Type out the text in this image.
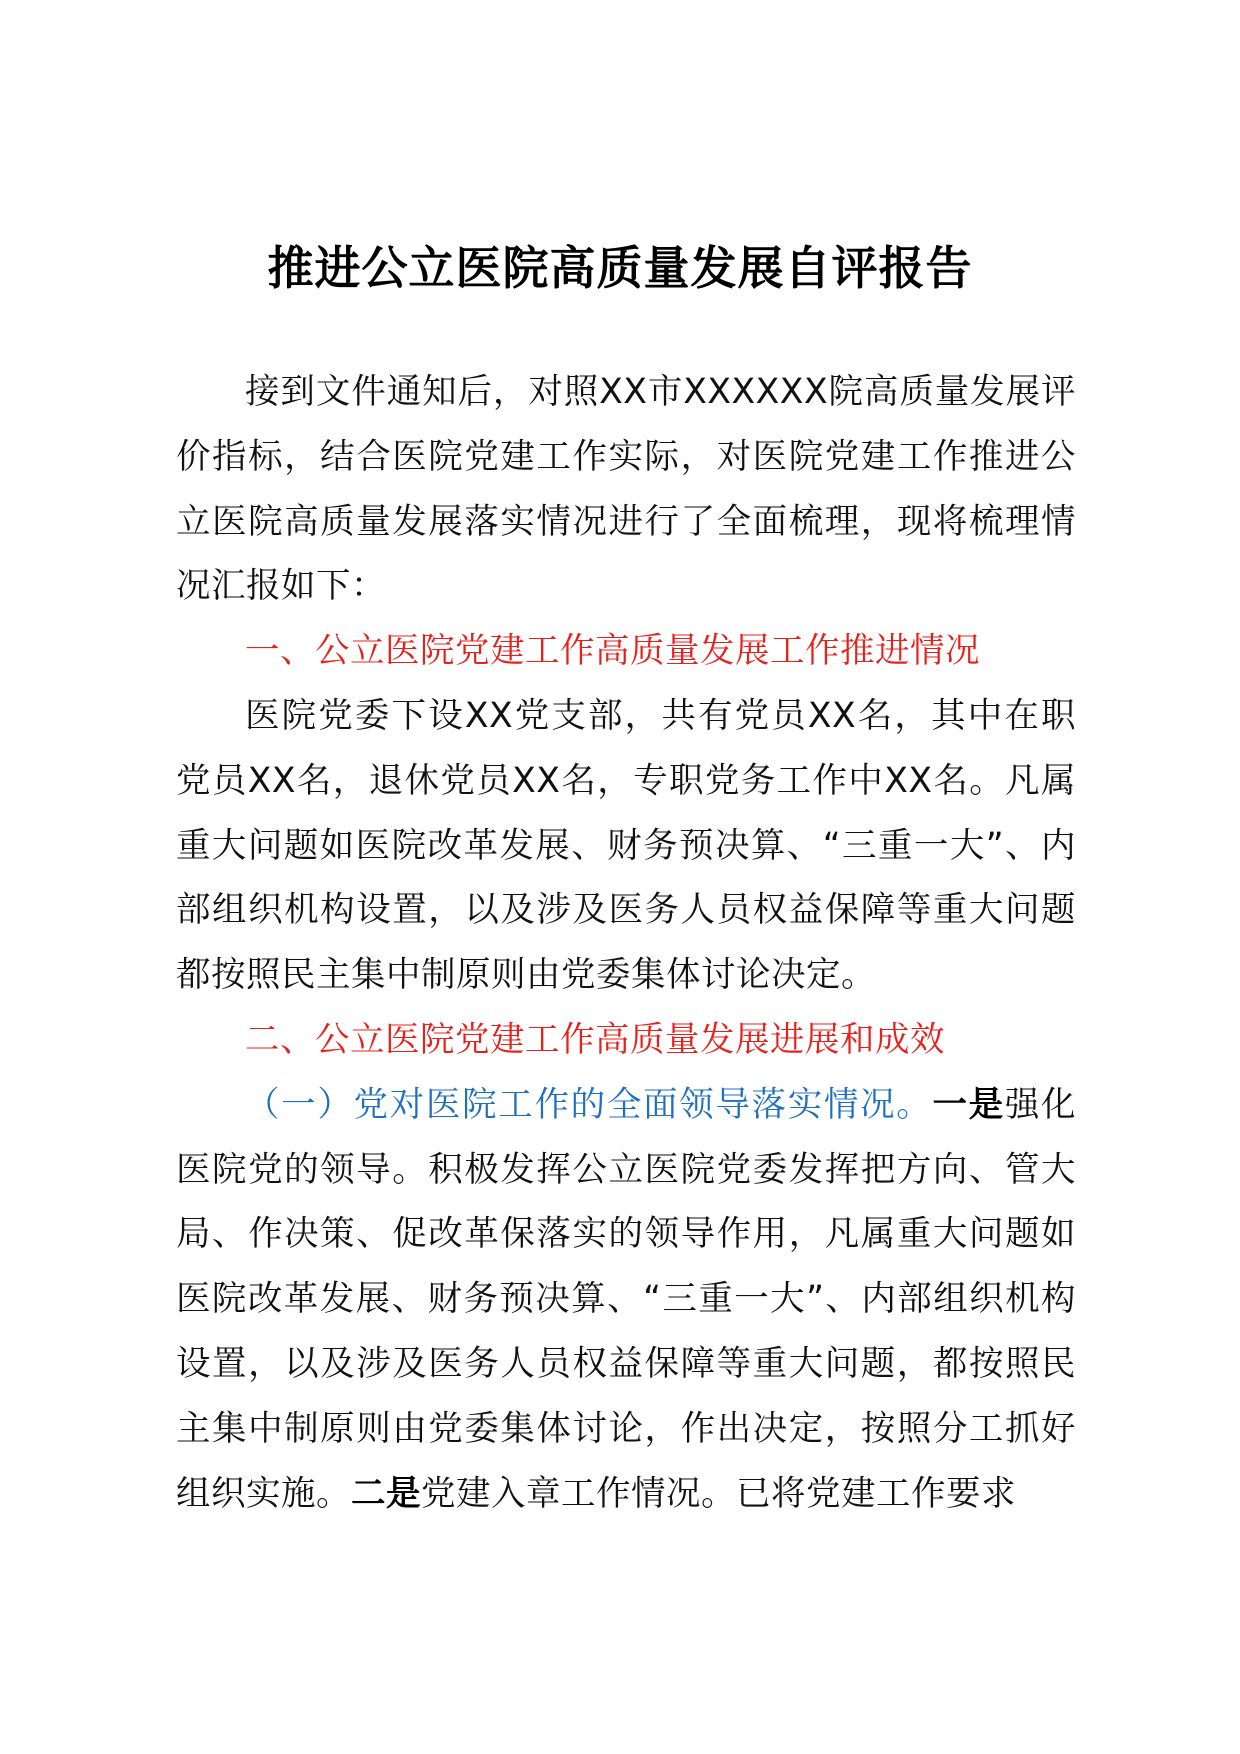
推进公立医院高质量发展自评报告

接到文件通知后，对照XX市XXXXXX院高质量发展评价指标，结合医院党建工作实际，对医院党建工作推进公立医院高质量发展落实情况进行了全面梳理，现将梳理情况汇报如下：

一、公立医院党建工作高质量发展工作推进情况

医院党委下设XX党支部，共有党员XX名，其中在职党员XX名，退休党员XX名，专职党务工作中XX名。凡属重大问题如医院改革发展、财务预决算、“三重一大”、内部组织机构设置，以及涉及医务人员权益保障等重大问题都按照民主集中制原则由党委集体讨论决定。

二、公立医院党建工作高质量发展进展和成效

（一）党对医院工作的全面领导落实情况。一是强化医院党的领导。积极发挥公立医院党委发挥把方向、管大局、作决策、促改革保落实的领导作用，凡属重大问题如医院改革发展、财务预决算、“三重一大”、内部组织机构设置，以及涉及医务人员权益保障等重大问题，都按照民主集中制原则由党委集体讨论，作出决定，按照分工抓好组织实施。二是党建入章工作情况。已将党建工作要求
